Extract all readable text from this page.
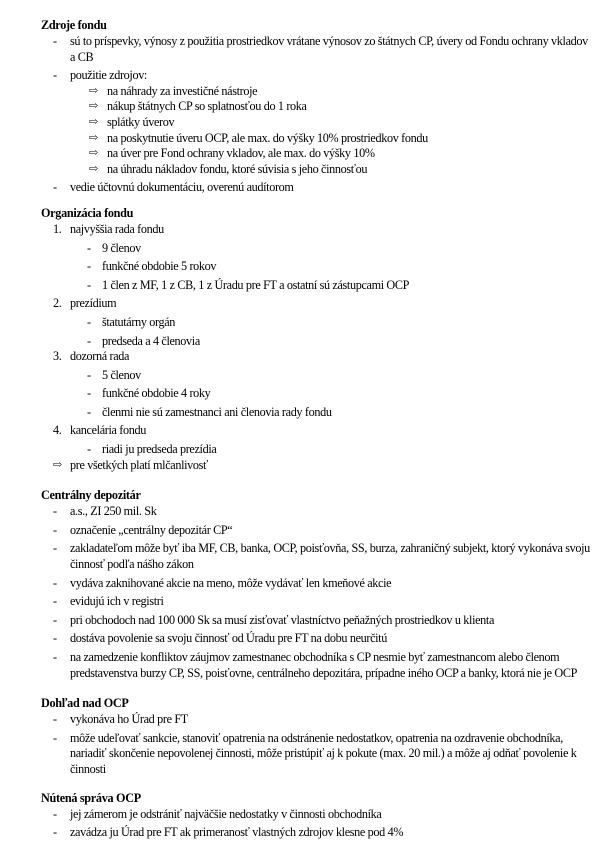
Zdroje fondu
- sú to príspevky, výnosy z použitia prostriedkov vrátane výnosov zo štátnych CP, úvery od Fondu ochrany vkladov a CB
- použitie zdrojov:
⇨ na náhrady za investičné nástroje
⇨ nákup štátnych CP so splatnosťou do 1 roka
⇨ splátky úverov
⇨ na poskytnutie úveru OCP, ale max. do výšky 10% prostriedkov fondu
⇨ na úver pre Fond ochrany vkladov, ale max. do výšky 10%
⇨ na úhradu nákladov fondu, ktoré súvisia s jeho činnosťou
- vedie účtovnú dokumentáciu, overenú audítorom
Organizácia fondu
1. najvyššia rada fondu
- 9 členov
- funkčné obdobie 5 rokov
- 1 člen z MF, 1 z CB, 1 z Úradu pre FT a ostatní sú zástupcami OCP
2. prezídium
- štatutárny orgán
- predseda a 4 členovia
3. dozorná rada
- 5 členov
- funkčné obdobie 4 roky
- členmi nie sú zamestnanci ani členovia rady fondu
4. kancelária fondu
- riadi ju predseda prezídia
⇨ pre všetkých platí mlčanlivosť
Centrálny depozitár
- a.s., ZI 250 mil. Sk
- označenie „centrálny depozitár CP“
- zakladateľom môže byť iba MF, CB, banka, OCP, poisťovňa, SS, burza, zahraničný subjekt, ktorý vykonáva svoju činnosť podľa nášho zákon
- vydáva zaknihované akcie na meno, môže vydávať len kmeňové akcie
- evidujú ich v registri
- pri obchodoch nad 100 000 Sk sa musí zisťovať vlastníctvo peňažných prostriedkov u klienta
- dostáva povolenie sa svoju činnosť od Úradu pre FT na dobu neurčitú
- na zamedzenie konfliktov záujmov zamestnanec obchodníka s CP nesmie byť zamestnancom alebo členom predstavenstva burzy CP, SS, poisťovne, centrálneho depozitára, prípadne iného OCP a banky, ktorá nie je OCP
Dohľad nad OCP
- vykonáva ho Úrad pre FT
- môže udeľovať sankcie, stanoviť opatrenia na odstránenie nedostatkov, opatrenia na ozdravenie obchodníka, nariadiť skončenie nepovolenej činnosti, môže pristúpiť aj k pokute (max. 20 mil.) a môže aj odňať povolenie k činnosti
Nútená správa OCP
- jej zámerom je odstrániť najväčšie nedostatky v činnosti obchodníka
- zavádza ju Úrad pre FT ak primeranosť vlastných zdrojov klesne pod 4%
